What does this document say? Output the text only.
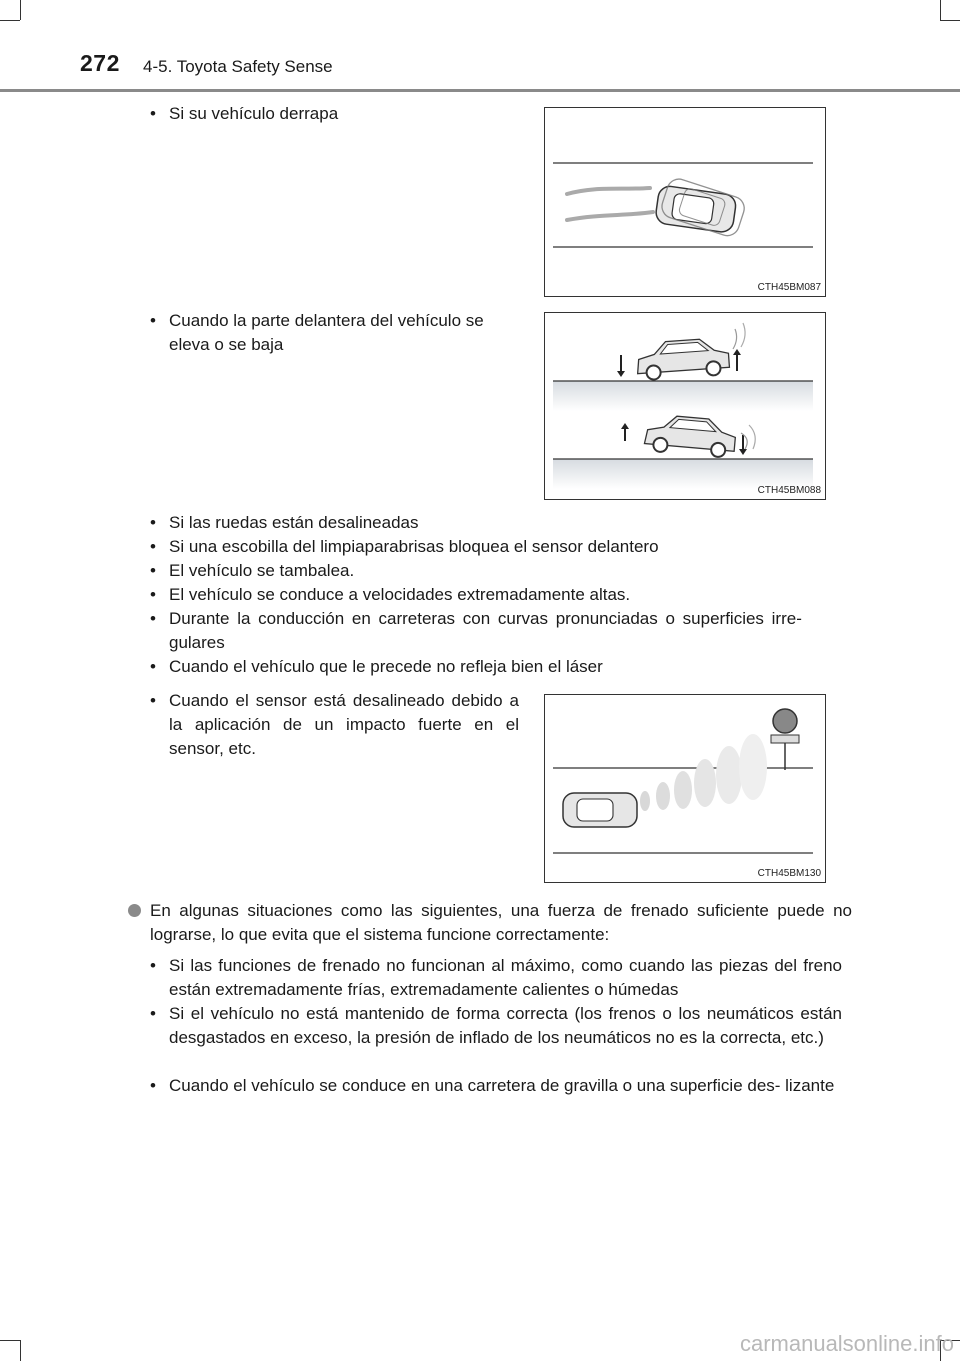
272 4-5. Toyota Safety Sense
• Si su vehículo derrapa
CTH45BM087
• Cuando la parte delantera del vehículo se eleva o se baja
CTH45BM088
• Si las ruedas están desalineadas
• Si una escobilla del limpiaparabrisas bloquea el sensor delantero
• El vehículo se tambalea.
• El vehículo se conduce a velocidades extremadamente altas.
• Durante la conducción en carreteras con curvas pronunciadas o superficies irre-
gulares
• Cuando el vehículo que le precede no refleja bien el láser
• Cuando el sensor está desalineado debido a la aplicación de un impacto fuerte en el sensor, etc.
CTH45BM130
En algunas situaciones como las siguientes, una fuerza de frenado suficiente puede no lograrse, lo que evita que el sistema funcione correctamente:
• Si las funciones de frenado no funcionan al máximo, como cuando las piezas del freno están extremadamente frías, extremadamente calientes o húmedas
• Si el vehículo no está mantenido de forma correcta (los frenos o los neumáticos están desgastados en exceso, la presión de inflado de los neumáticos no es la correcta, etc.)
• Cuando el vehículo se conduce en una carretera de gravilla o una superficie des- lizante
carmanualsonline.info
